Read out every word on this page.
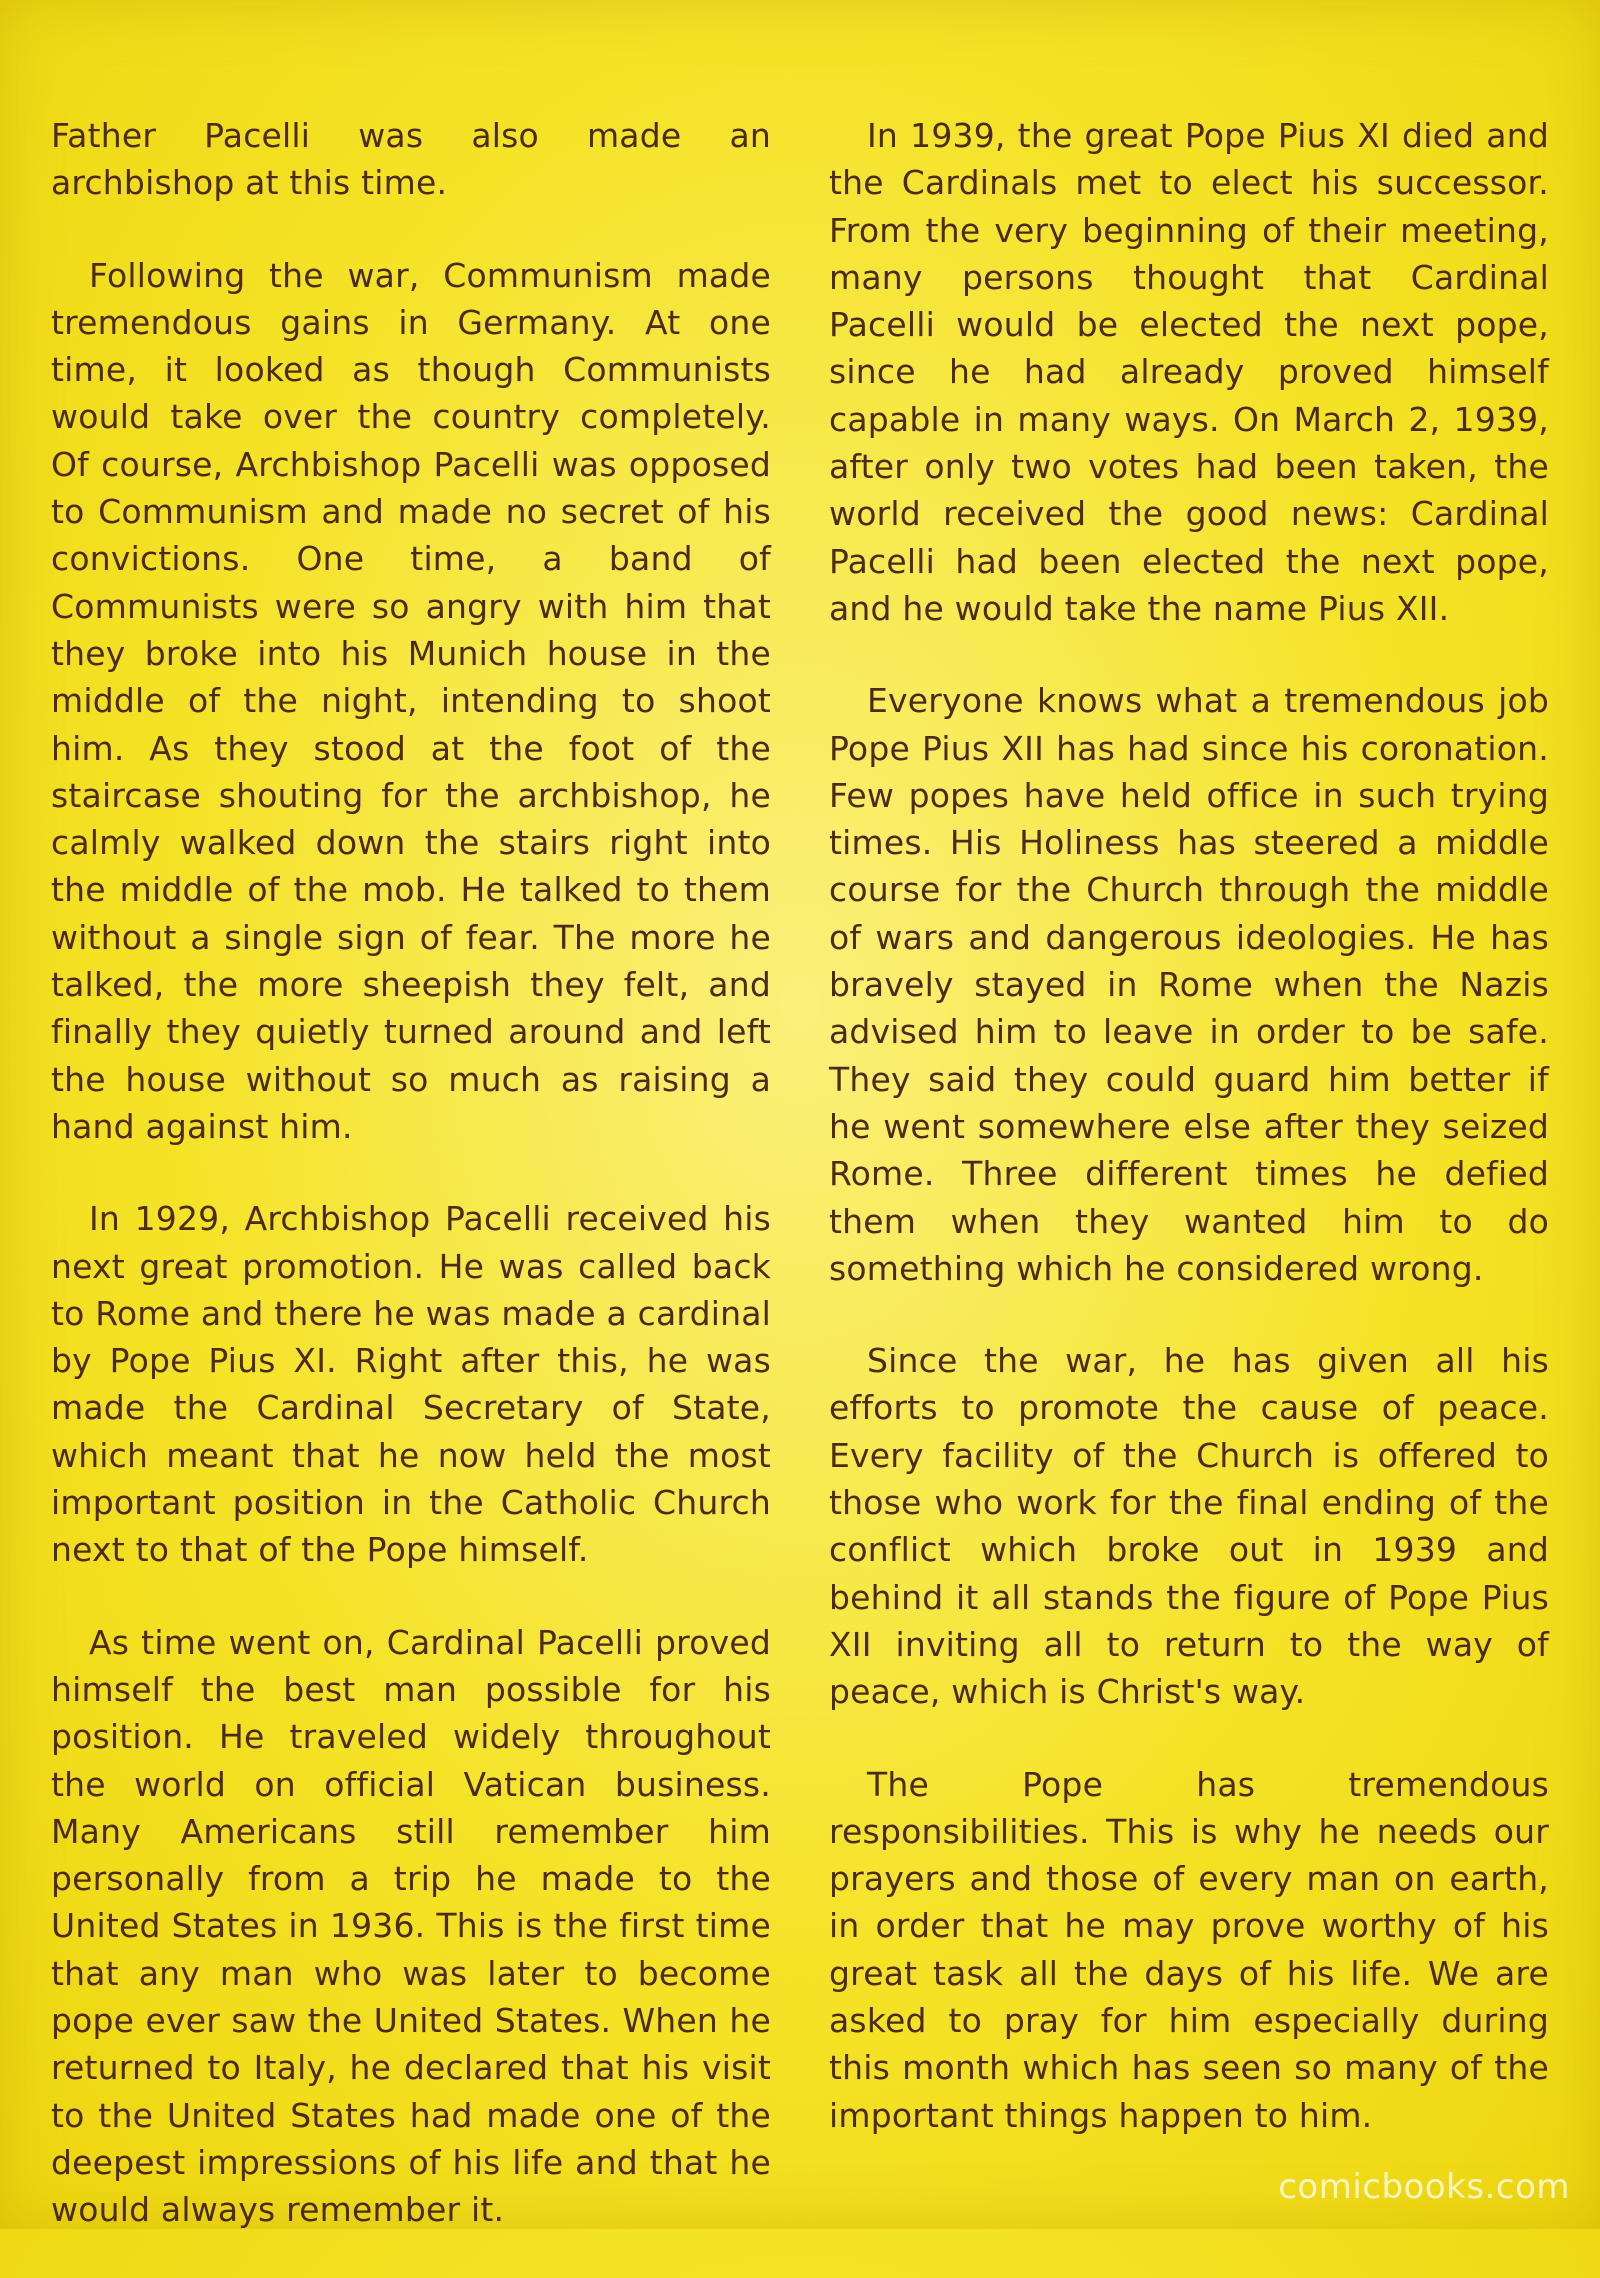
Father Pacelli was also made an archbishop at this time.

Following the war, Communism made tremendous gains in Germany. At one time, it looked as though Communists would take over the country completely. Of course, Archbishop Pacelli was opposed to Communism and made no secret of his convictions. One time, a band of Communists were so angry with him that they broke into his Munich house in the middle of the night, intending to shoot him. As they stood at the foot of the staircase shouting for the archbishop, he calmly walked down the stairs right into the middle of the mob. He talked to them without a single sign of fear. The more he talked, the more sheepish they felt, and finally they quietly turned around and left the house without so much as raising a hand against him.

In 1929, Archbishop Pacelli received his next great promotion. He was called back to Rome and there he was made a cardinal by Pope Pius XI. Right after this, he was made the Cardinal Secretary of State, which meant that he now held the most important position in the Catholic Church next to that of the Pope himself.

As time went on, Cardinal Pacelli proved himself the best man possible for his position. He traveled widely throughout the world on official Vatican business. Many Americans still remember him personally from a trip he made to the United States in 1936. This is the first time that any man who was later to become pope ever saw the United States. When he returned to Italy, he declared that his visit to the United States had made one of the deepest impressions of his life and that he would always remember it.

In 1939, the great Pope Pius XI died and the Cardinals met to elect his successor. From the very beginning of their meeting, many persons thought that Cardinal Pacelli would be elected the next pope, since he had already proved himself capable in many ways. On March 2, 1939, after only two votes had been taken, the world received the good news: Cardinal Pacelli had been elected the next pope, and he would take the name Pius XII.

Everyone knows what a tremendous job Pope Pius XII has had since his coronation. Few popes have held office in such trying times. His Holiness has steered a middle course for the Church through the middle of wars and dangerous ideologies. He has bravely stayed in Rome when the Nazis advised him to leave in order to be safe. They said they could guard him better if he went somewhere else after they seized Rome. Three different times he defied them when they wanted him to do something which he considered wrong.

Since the war, he has given all his efforts to promote the cause of peace. Every facility of the Church is offered to those who work for the final ending of the conflict which broke out in 1939 and behind it all stands the figure of Pope Pius XII inviting all to return to the way of peace, which is Christ's way.

The Pope has tremendous responsibilities. This is why he needs our prayers and those of every man on earth, in order that he may prove worthy of his great task all the days of his life. We are asked to pray for him especially during this month which has seen so many of the important things happen to him.

comicbooks.com
